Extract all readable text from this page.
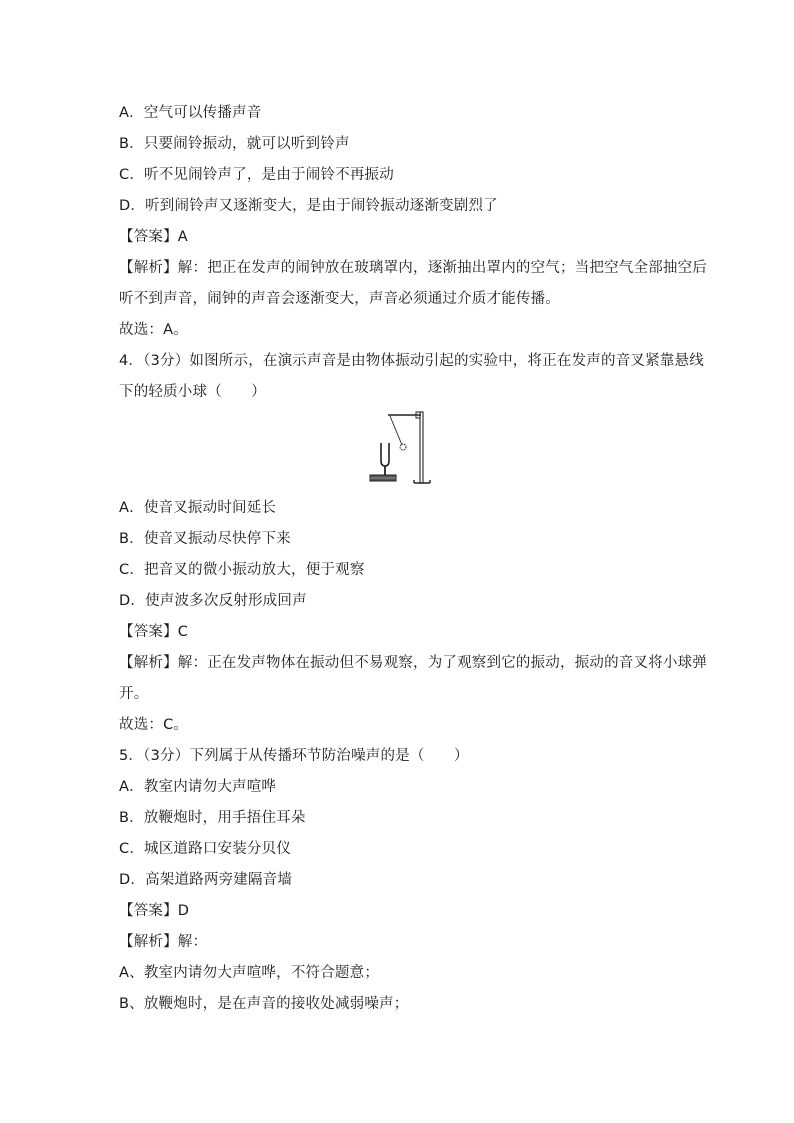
A．空气可以传播声音
B．只要闹铃振动，就可以听到铃声
C．听不见闹铃声了，是由于闹铃不再振动
D．听到闹铃声又逐渐变大，是由于闹铃振动逐渐变剧烈了
【答案】A
【解析】解：把正在发声的闹钟放在玻璃罩内，逐渐抽出罩内的空气；当把空气全部抽空后
听不到声音，闹钟的声音会逐渐变大，声音必须通过介质才能传播。
故选：A。
4．（3分）如图所示，在演示声音是由物体振动引起的实验中，将正在发声的音叉紧靠悬线
下的轻质小球（　　）
A．使音叉振动时间延长
B．使音叉振动尽快停下来
C．把音叉的微小振动放大，便于观察
D．使声波多次反射形成回声
【答案】C
【解析】解：正在发声物体在振动但不易观察，为了观察到它的振动，振动的音叉将小球弹
开。
故选：C。
5．（3分）下列属于从传播环节防治噪声的是（　　）
A．教室内请勿大声喧哗
B．放鞭炮时，用手捂住耳朵
C．城区道路口安装分贝仪
D．高架道路两旁建隔音墙
【答案】D
【解析】解：
A、教室内请勿大声喧哗，不符合题意；
B、放鞭炮时，是在声音的接收处减弱噪声；
